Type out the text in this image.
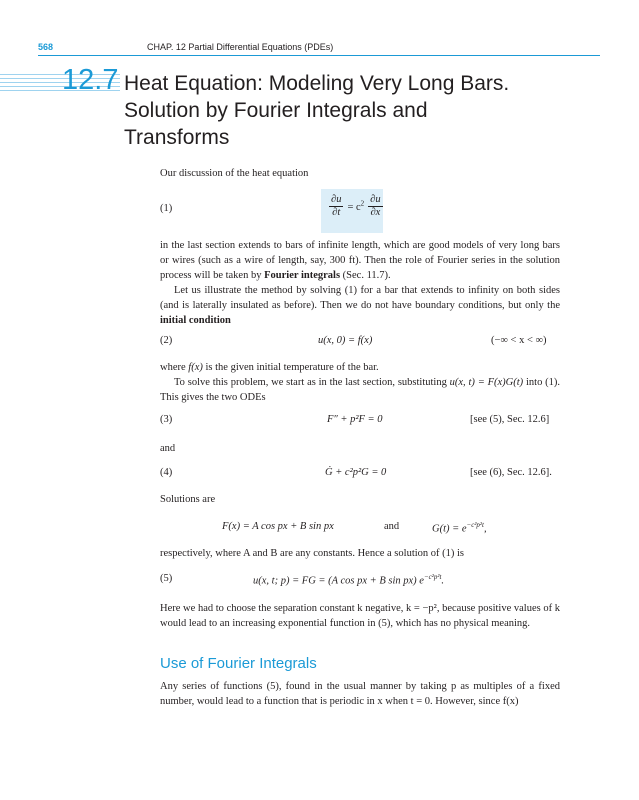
568	CHAP. 12 Partial Differential Equations (PDEs)
12.7 Heat Equation: Modeling Very Long Bars.
Solution by Fourier Integrals and
Transforms

Our discussion of the heat equation

(1)	$\frac{\partial u}{\partial t} = c^2 \frac{\partial u}{\partial x}$

in the last section extends to bars of infinite length, which are good models of very long bars or wires (such as a wire of length, say, 300 ft). Then the role of Fourier series in the solution process will be taken by Fourier integrals (Sec. 11.7).

Let us illustrate the method by solving (1) for a bar that extends to infinity on both sides (and is laterally insulated as before). Then we do not have boundary conditions, but only the initial condition

(2)	u(x, 0) = f(x)	(−∞ < x < ∞)

where f(x) is the given initial temperature of the bar.

To solve this problem, we start as in the last section, substituting u(x, t) = F(x)G(t) into (1). This gives the two ODEs

(3)	F″ + p²F = 0	[see (5), Sec. 12.6]
and
(4)	Ġ + c²p²G = 0	[see (6), Sec. 12.6].
Solutions are
F(x) = A cos px + B sin px	and	$G(t) = e^{-c^2p^2t}$,

respectively, where A and B are any constants. Hence a solution of (1) is

(5)	u(x, t; p) = FG = (A cos px + B sin px) $e^{-c^2p^2t}$.

Here we had to choose the separation constant k negative, k = −p², because positive values of k would lead to an increasing exponential function in (5), which has no physical meaning.

Use of Fourier Integrals

Any series of functions (5), found in the usual manner by taking p as multiples of a fixed number, would lead to a function that is periodic in x when t = 0. However, since f(x)
